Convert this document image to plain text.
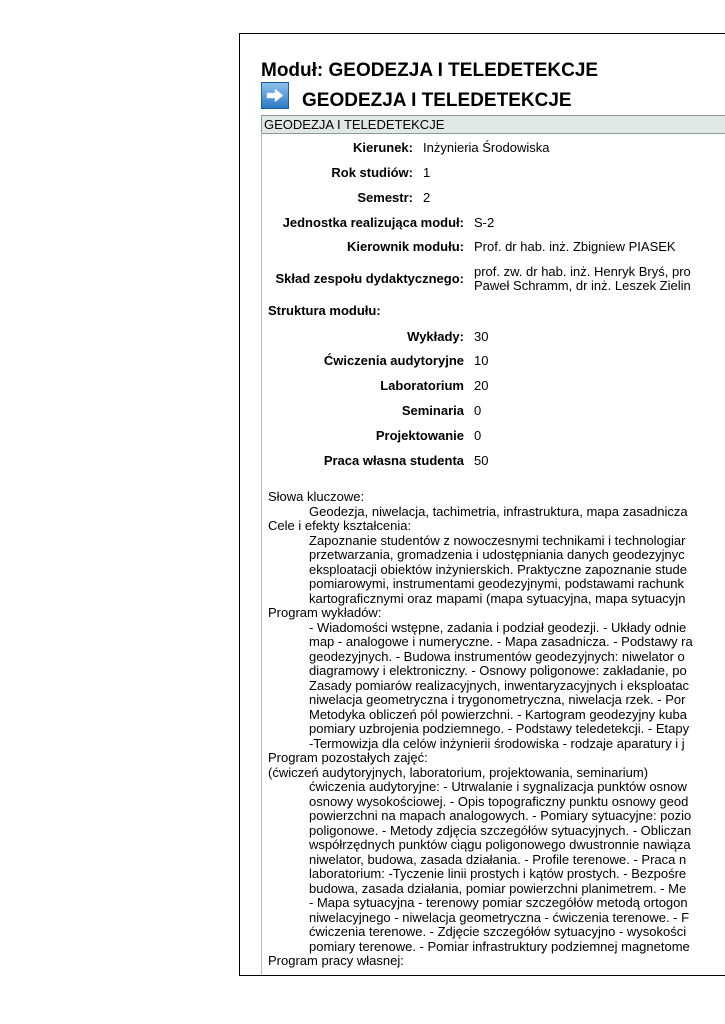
Moduł: GEODEZJA I TELEDETEKCJE
GEODEZJA I TELEDETEKCJE
GEODEZJA I TELEDETEKCJE
Kierunek: Inżynieria Środowiska
Rok studiów: 1
Semestr: 2
Jednostka realizująca moduł: S-2
Kierownik modułu: Prof. dr hab. inż. Zbigniew PIASEK
Skład zespołu dydaktycznego: prof. zw. dr hab. inż. Henryk Bryś, pro
Paweł Schramm, dr inż. Leszek Zielin
Struktura modułu:
Wykłady: 30
Ćwiczenia audytoryjne 10
Laboratorium 20
Seminaria 0
Projektowanie 0
Praca własna studenta 50
Słowa kluczowe:
Geodezja, niwelacja, tachimetria, infrastruktura, mapa zasadnicza
Cele i efekty kształcenia:
Zapoznanie studentów z nowoczesnymi technikami i technologiar
przetwarzania, gromadzenia i udostępniania danych geodezyjnyc
eksploatacji obiektów inżynierskich. Praktyczne zapoznanie stude
pomiarowymi, instrumentami geodezyjnymi, podstawami rachunk
kartograficznymi oraz mapami (mapa sytuacyjna, mapa sytuacyjn
Program wykładów:
- Wiadomości wstępne, zadania i podział geodezji. - Układy odnie
map - analogowe i numeryczne. - Mapa zasadnicza. - Podstawy ra
geodezyjnych. - Budowa instrumentów geodezyjnych: niwelator o
diagramowy i elektroniczny. - Osnowy poligonowe: zakładanie, po
Zasady pomiarów realizacyjnych, inwentaryzacyjnych i eksploatac
niwelacja geometryczna i trygonometryczna, niwelacja rzek. - Por
Metodyka obliczeń pól powierzchni. - Kartogram geodezyjny kuba
pomiary uzbrojenia podziemnego. - Podstawy teledetekcji. - Etapy
-Termowizja dla celów inżynierii środowiska - rodzaje aparatury i j
Program pozostałych zajęć:
(ćwiczeń audytoryjnych, laboratorium, projektowania, seminarium)
ćwiczenia audytoryjne: - Utrwalanie i sygnalizacja punktów osnow
osnowy wysokościowej. - Opis topograficzny punktu osnowy geod
powierzchni na mapach analogowych. - Pomiary sytuacyjne: pozio
poligonowe. - Metody zdjęcia szczegółów sytuacyjnych. - Obliczan
współrzędnych punktów ciągu poligonowego dwustronnie nawiąza
niwelator, budowa, zasada działania. - Profile terenowe. - Praca n
laboratorium: -Tyczenie linii prostych i kątów prostych. - Bezpośre
budowa, zasada działania, pomiar powierzchni planimetrem. - Me
- Mapa sytuacyjna - terenowy pomiar szczegółów metodą ortogon
niwelacyjnego - niwelacja geometryczna - ćwiczenia terenowe. - F
ćwiczenia terenowe. - Zdjęcie szczegółów sytuacyjno - wysokości
pomiary terenowe. - Pomiar infrastruktury podziemnej magnetome
Program pracy własnej:
